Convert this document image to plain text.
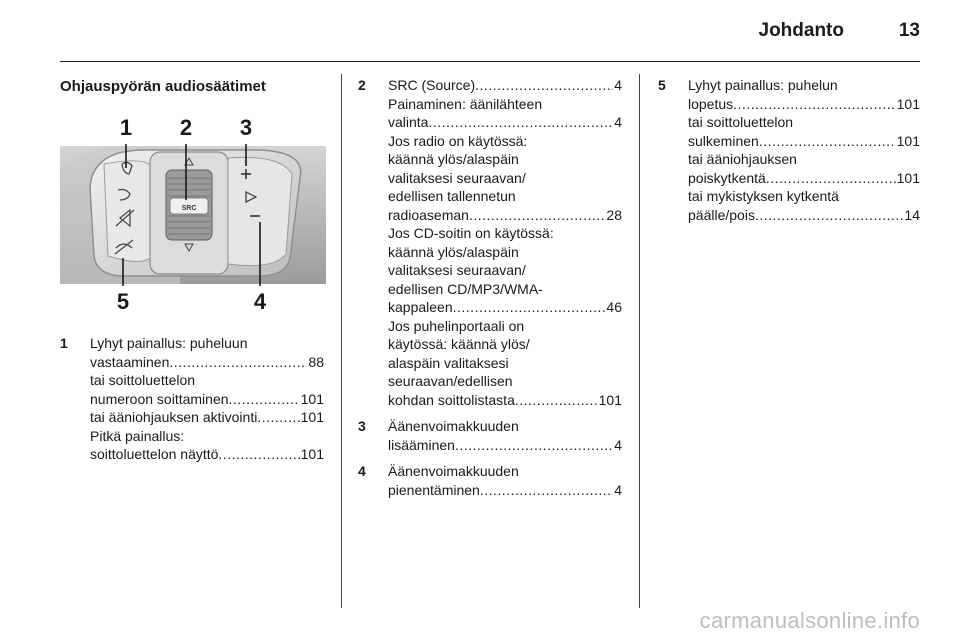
Johdanto	13
Ohjauspyörän audiosäätimet
SRC
1 2 3
4
5
1 Lyhyt painallus: puheluun
vastaaminen .....	88
tai soittoluettelon
numeroon soittaminen .....	101
tai ääniohjauksen aktivointi .....	101
Pitkä painallus:
soittoluettelon näyttö .....	101
2 SRC (Source) .....	4
Painaminen: äänilähteen
valinta .....	4
Jos radio on käytössä:
käännä ylös/alaspäin
valitaksesi seuraavan/
edellisen tallennetun
radioaseman .....	28
Jos CD-soitin on käytössä:
käännä ylös/alaspäin
valitaksesi seuraavan/
edellisen CD/MP3/WMA-
kappaleen .....	46
Jos puhelinportaali on
käytössä: käännä ylös/
alaspäin valitaksesi
seuraavan/edellisen
kohdan soittolistasta .....	101
3 Äänenvoimakkuuden
lisääminen .....	4
4 Äänenvoimakkuuden
pienentäminen .....	4
5 Lyhyt painallus: puhelun
lopetus .....	101
tai soittoluettelon
sulkeminen .....	101
tai ääniohjauksen
poiskytkentä .....	101
tai mykistyksen kytkentä
päälle/pois .....	14
carmanualsonline.info
